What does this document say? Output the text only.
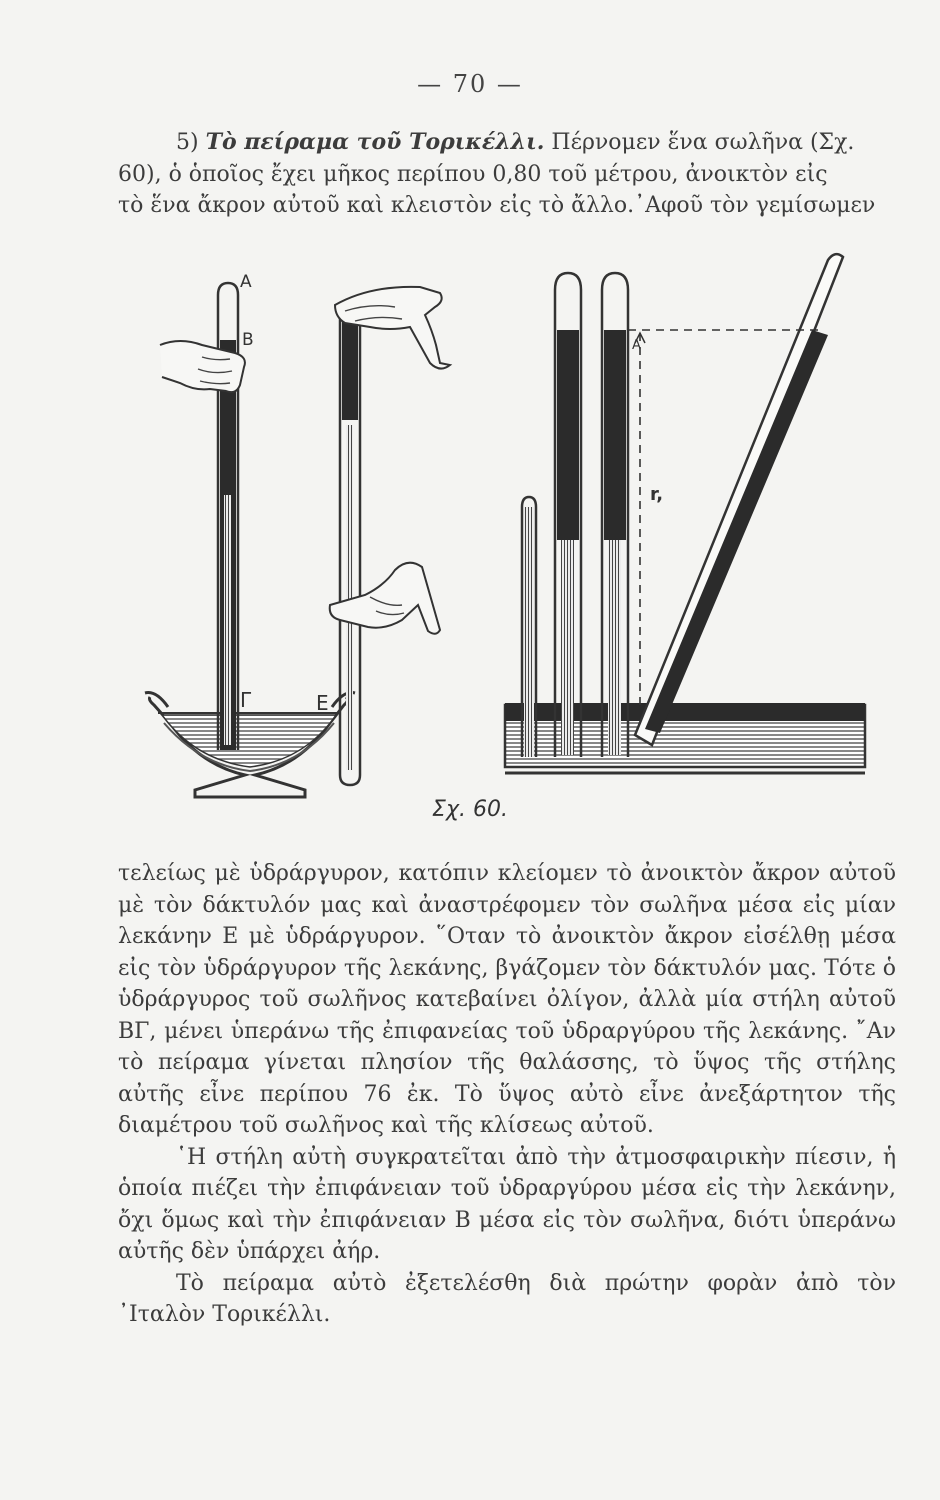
— 70 —
5) Τὸ πείραμα τοῦ Τορικέλλι. Πέρνομεν ἕνα σωλῆνα (Σχ.
60), ὁ ὁποῖος ἔχει μῆκος περίπου 0,80 τοῦ μέτρου, ἀνοικτὸν εἰς
τὸ ἕνα ἄκρον αὐτοῦ καὶ κλειστὸν εἰς τὸ ἄλλο.᾿Αφοῦ τὸν γεμίσωμεν
Α
Β
Γ	Ε
Α
r,
Σχ. 60.

τελείως μὲ ὑδράργυρον, κατόπιν κλείομεν τὸ ἀνοικτὸν ἄκρον αὐτοῦ μὲ τὸν δάκτυλόν μας καὶ ἀναστρέφομεν τὸν σωλῆνα μέσα εἰς μίαν λεκάνην Ε μὲ ὑδράργυρον. ῞Οταν τὸ ἀνοικτὸν ἄκρον εἰσέλθῃ μέσα εἰς τὸν ὑδράργυρον τῆς λεκάνης, βγάζομεν τὸν δάκτυλόν μας. Τότε ὁ ὑδράργυρος τοῦ σωλῆνος κατεβαίνει ὀλίγον, ἀλλὰ μία στήλη αὐτοῦ ΒΓ, μένει ὑπεράνω τῆς ἐπιφανείας τοῦ ὑδραργύρου τῆς λεκάνης. ῎Αν τὸ πείραμα γίνεται πλησίον τῆς θαλάσσης, τὸ ὕψος τῆς στήλης αὐτῆς εἶνε περίπου 76 ἐκ. Τὸ ὕψος αὐτὸ εἶνε ἀνεξάρτητον τῆς διαμέτρου τοῦ σωλῆνος καὶ τῆς κλίσεως αὐτοῦ.

῾Η στήλη αὐτὴ συγκρατεῖται ἀπὸ τὴν ἀτμοσφαιρικὴν πίεσιν, ἡ ὁποία πιέζει τὴν ἐπιφάνειαν τοῦ ὑδραργύρου μέσα εἰς τὴν λεκάνην, ὄχι ὅμως καὶ τὴν ἐπιφάνειαν Β μέσα εἰς τὸν σωλῆνα, διότι ὑπεράνω αὐτῆς δὲν ὑπάρχει ἀήρ.

Τὸ πείραμα αὐτὸ ἐξετελέσθη διὰ πρώτην φορὰν ἀπὸ τὸν ᾿Ιταλὸν Τορικέλλι.
